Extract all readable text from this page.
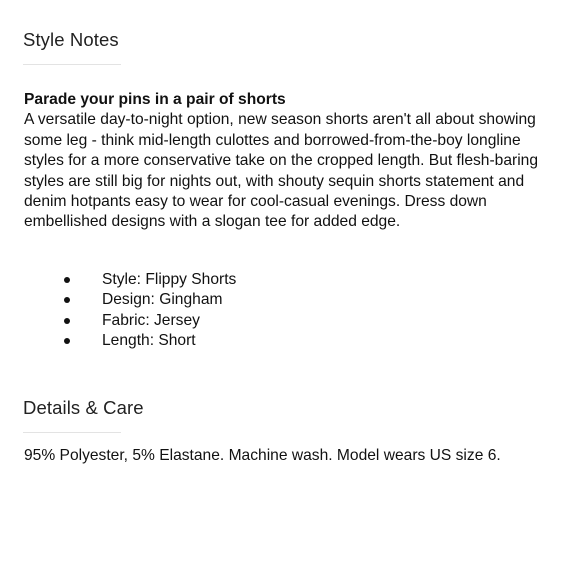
Style Notes
Parade your pins in a pair of shorts
A versatile day-to-night option, new season shorts aren't all about showing some leg - think mid-length culottes and borrowed-from-the-boy longline styles for a more conservative take on the cropped length. But flesh-baring styles are still big for nights out, with shouty sequin shorts statement and denim hotpants easy to wear for cool-casual evenings. Dress down embellished designs with a slogan tee for added edge.
Style: Flippy Shorts
Design: Gingham
Fabric: Jersey
Length: Short
Details & Care
95% Polyester, 5% Elastane. Machine wash. Model wears US size 6.
